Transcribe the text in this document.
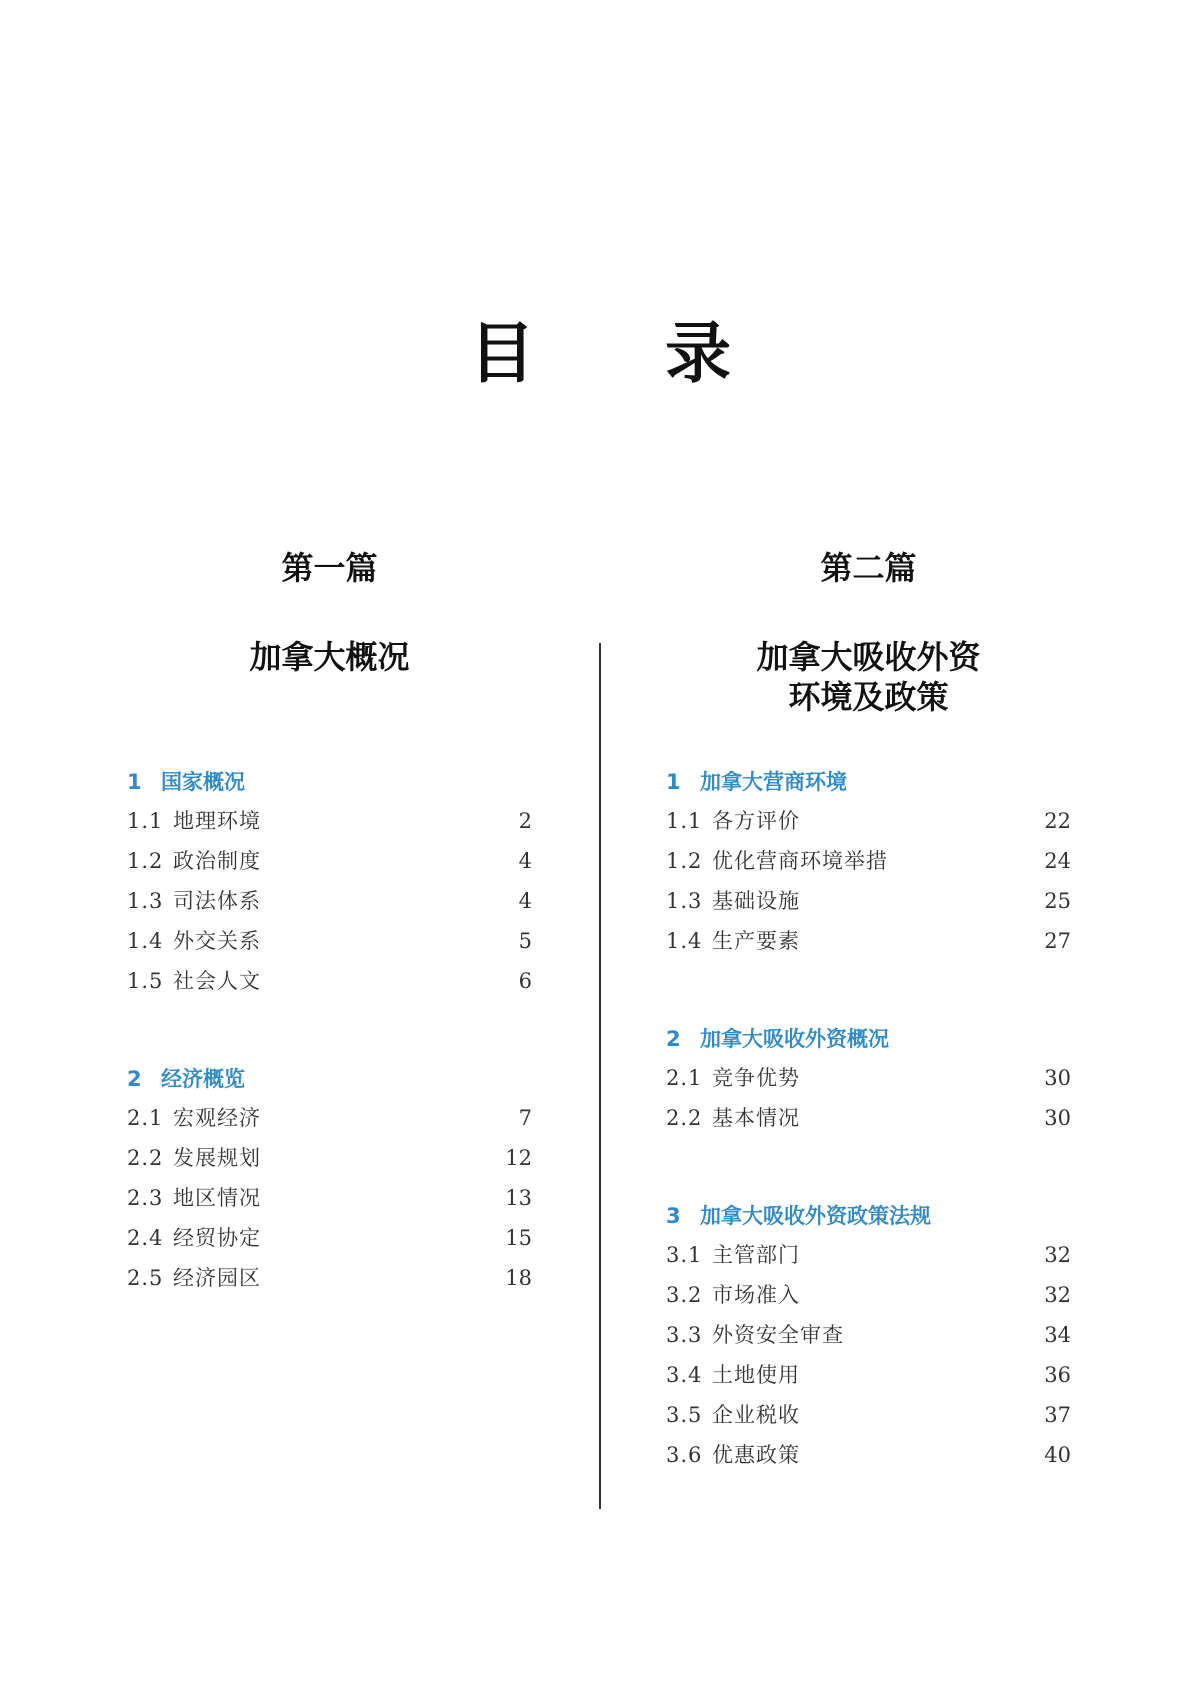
目 录
第一篇
加拿大概况
1 国家概况
1.1 地理环境	2
1.2 政治制度	4
1.3 司法体系	4
1.4 外交关系	5
1.5 社会人文	6
2 经济概览
2.1 宏观经济	7
2.2 发展规划	12
2.3 地区情况	13
2.4 经贸协定	15
2.5 经济园区	18
第二篇
加拿大吸收外资
环境及政策
1 加拿大营商环境
1.1 各方评价	22
1.2 优化营商环境举措	24
1.3 基础设施	25
1.4 生产要素	27
2 加拿大吸收外资概况
2.1 竞争优势	30
2.2 基本情况	30
3 加拿大吸收外资政策法规
3.1 主管部门	32
3.2 市场准入	32
3.3 外资安全审查	34
3.4 土地使用	36
3.5 企业税收	37
3.6 优惠政策	40
